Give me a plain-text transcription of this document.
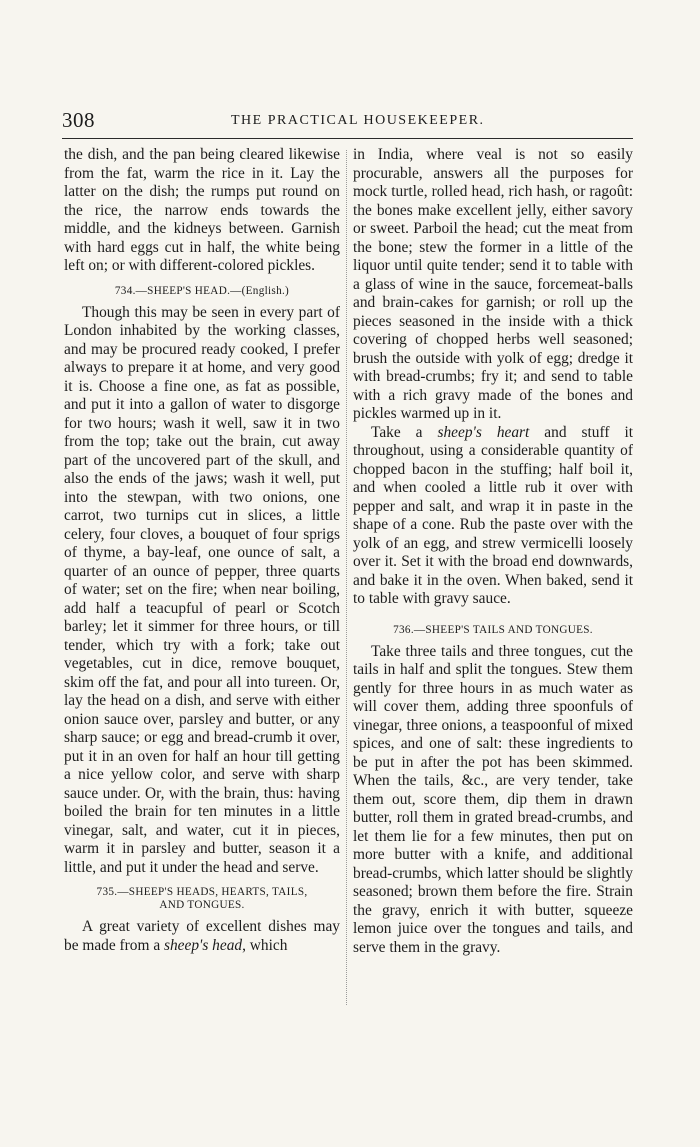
308	THE PRACTICAL HOUSEKEEPER.

the dish, and the pan being cleared likewise from the fat, warm the rice in it. Lay the latter on the dish; the rumps put round on the rice, the narrow ends towards the middle, and the kidneys between. Garnish with hard eggs cut in half, the white being left on; or with different-colored pickles.

734.—SHEEP'S HEAD.—(English.)

Though this may be seen in every part of London inhabited by the working classes, and may be procured ready cooked, I prefer always to prepare it at home, and very good it is. Choose a fine one, as fat as possible, and put it into a gallon of water to disgorge for two hours; wash it well, saw it in two from the top; take out the brain, cut away part of the uncovered part of the skull, and also the ends of the jaws; wash it well, put into the stewpan, with two onions, one carrot, two turnips cut in slices, a little celery, four cloves, a bouquet of four sprigs of thyme, a bay-leaf, one ounce of salt, a quarter of an ounce of pepper, three quarts of water; set on the fire; when near boiling, add half a teacupful of pearl or Scotch barley; let it simmer for three hours, or till tender, which try with a fork; take out vegetables, cut in dice, remove bouquet, skim off the fat, and pour all into tureen. Or, lay the head on a dish, and serve with either onion sauce over, parsley and butter, or any sharp sauce; or egg and bread-crumb it over, put it in an oven for half an hour till getting a nice yellow color, and serve with sharp sauce under. Or, with the brain, thus: having boiled the brain for ten minutes in a little vinegar, salt, and water, cut it in pieces, warm it in parsley and butter, season it a little, and put it under the head and serve.

735.—SHEEP'S HEADS, HEARTS, TAILS,
AND TONGUES.

A great variety of excellent dishes may be made from a sheep's head, which

in India, where veal is not so easily procurable, answers all the purposes for mock turtle, rolled head, rich hash, or ragoût: the bones make excellent jelly, either savory or sweet. Parboil the head; cut the meat from the bone; stew the former in a little of the liquor until quite tender; send it to table with a glass of wine in the sauce, forcemeat-balls and brain-cakes for garnish; or roll up the pieces seasoned in the inside with a thick covering of chopped herbs well seasoned; brush the outside with yolk of egg; dredge it with bread-crumbs; fry it; and send to table with a rich gravy made of the bones and pickles warmed up in it.

Take a sheep's heart and stuff it throughout, using a considerable quantity of chopped bacon in the stuffing; half boil it, and when cooled a little rub it over with pepper and salt, and wrap it in paste in the shape of a cone. Rub the paste over with the yolk of an egg, and strew vermicelli loosely over it. Set it with the broad end downwards, and bake it in the oven. When baked, send it to table with gravy sauce.

736.—SHEEP'S TAILS AND TONGUES.

Take three tails and three tongues, cut the tails in half and split the tongues. Stew them gently for three hours in as much water as will cover them, adding three spoonfuls of vinegar, three onions, a teaspoonful of mixed spices, and one of salt: these ingredients to be put in after the pot has been skimmed. When the tails, &c., are very tender, take them out, score them, dip them in drawn butter, roll them in grated bread-crumbs, and let them lie for a few minutes, then put on more butter with a knife, and additional bread-crumbs, which latter should be slightly seasoned; brown them before the fire. Strain the gravy, enrich it with butter, squeeze lemon juice over the tongues and tails, and serve them in the gravy.
